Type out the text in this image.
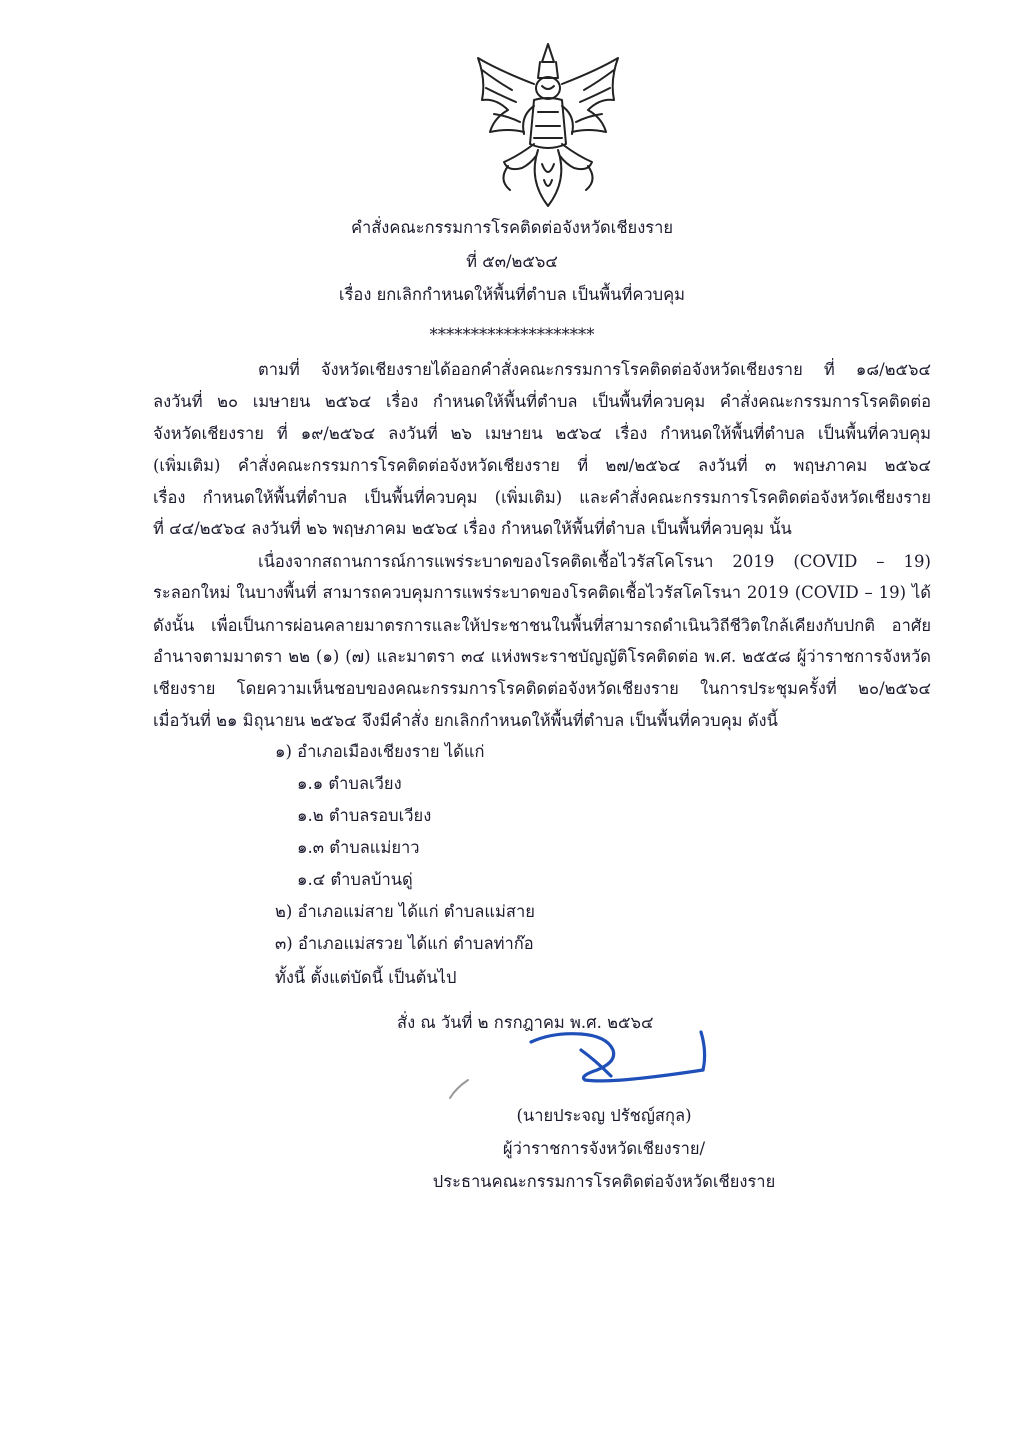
คำสั่งคณะกรรมการโรคติดต่อจังหวัดเชียงราย
ที่ ๕๓/๒๕๖๔
เรื่อง ยกเลิกกำหนดให้พื้นที่ตำบล เป็นพื้นที่ควบคุม
********************
ตามที่ จังหวัดเชียงรายได้ออกคำสั่งคณะกรรมการโรคติดต่อจังหวัดเชียงราย ที่ ๑๘/๒๕๖๔
ลงวันที่ ๒๐ เมษายน ๒๕๖๔ เรื่อง กำหนดให้พื้นที่ตำบล เป็นพื้นที่ควบคุม คำสั่งคณะกรรมการโรคติดต่อ
จังหวัดเชียงราย ที่ ๑๙/๒๕๖๔ ลงวันที่ ๒๖ เมษายน ๒๕๖๔ เรื่อง กำหนดให้พื้นที่ตำบล เป็นพื้นที่ควบคุม
(เพิ่มเติม) คำสั่งคณะกรรมการโรคติดต่อจังหวัดเชียงราย ที่ ๒๗/๒๕๖๔ ลงวันที่ ๓ พฤษภาคม ๒๕๖๔
เรื่อง กำหนดให้พื้นที่ตำบล เป็นพื้นที่ควบคุม (เพิ่มเติม) และคำสั่งคณะกรรมการโรคติดต่อจังหวัดเชียงราย
ที่ ๔๔/๒๕๖๔ ลงวันที่ ๒๖ พฤษภาคม ๒๕๖๔ เรื่อง กำหนดให้พื้นที่ตำบล เป็นพื้นที่ควบคุม นั้น
เนื่องจากสถานการณ์การแพร่ระบาดของโรคติดเชื้อไวรัสโคโรนา 2019 (COVID – 19)
ระลอกใหม่ ในบางพื้นที่ สามารถควบคุมการแพร่ระบาดของโรคติดเชื้อไวรัสโคโรนา 2019 (COVID – 19) ได้
ดังนั้น เพื่อเป็นการผ่อนคลายมาตรการและให้ประชาชนในพื้นที่สามารถดำเนินวิถีชีวิตใกล้เคียงกับปกติ อาศัย
อำนาจตามมาตรา ๒๒ (๑) (๗) และมาตรา ๓๔ แห่งพระราชบัญญัติโรคติดต่อ พ.ศ. ๒๕๕๘ ผู้ว่าราชการจังหวัด
เชียงราย โดยความเห็นชอบของคณะกรรมการโรคติดต่อจังหวัดเชียงราย ในการประชุมครั้งที่ ๒๐/๒๕๖๔
เมื่อวันที่ ๒๑ มิถุนายน ๒๕๖๔ จึงมีคำสั่ง ยกเลิกกำหนดให้พื้นที่ตำบล เป็นพื้นที่ควบคุม ดังนี้
๑) อำเภอเมืองเชียงราย ได้แก่
๑.๑ ตำบลเวียง
๑.๒ ตำบลรอบเวียง
๑.๓ ตำบลแม่ยาว
๑.๔ ตำบลบ้านดู่
๒) อำเภอแม่สาย ได้แก่ ตำบลแม่สาย
๓) อำเภอแม่สรวย ได้แก่ ตำบลท่าก๊อ
ทั้งนี้ ตั้งแต่บัดนี้ เป็นต้นไป
สั่ง ณ วันที่ ๒ กรกฎาคม พ.ศ. ๒๕๖๔
(นายประจญ ปรัชญ์สกุล)
ผู้ว่าราชการจังหวัดเชียงราย/
ประธานคณะกรรมการโรคติดต่อจังหวัดเชียงราย
